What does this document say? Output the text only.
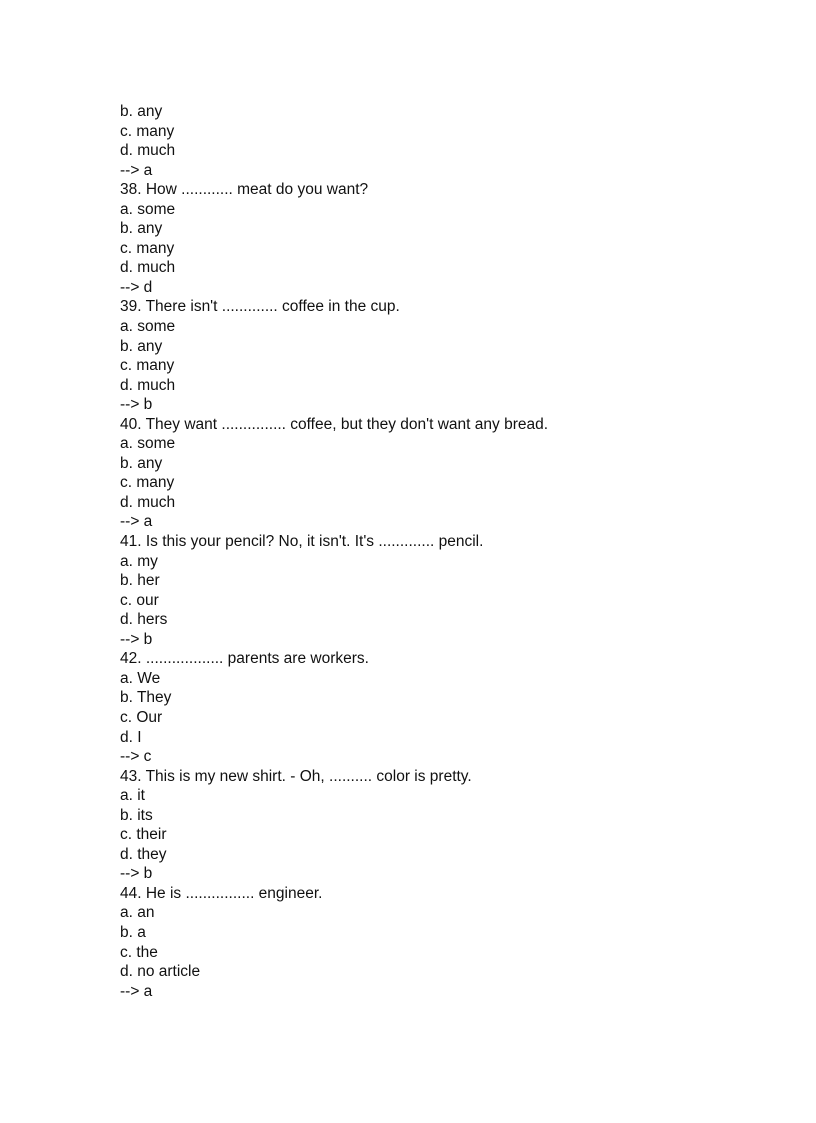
b. any
c. many
d. much
--> a
38. How ............ meat do you want?
a. some
b. any
c. many
d. much
--> d
39. There isn't ............. coffee in the cup.
a. some
b. any
c. many
d. much
--> b
40. They want ............... coffee, but they don't want any bread.
a. some
b. any
c. many
d. much
--> a
41. Is this your pencil? No, it isn't. It's ............. pencil.
a. my
b. her
c. our
d. hers
--> b
42. .................. parents are workers.
a. We
b. They
c. Our
d. I
--> c
43. This is my new shirt. - Oh, .......... color is pretty.
a. it
b. its
c. their
d. they
--> b
44. He is ................ engineer.
a. an
b. a
c. the
d. no article
--> a
